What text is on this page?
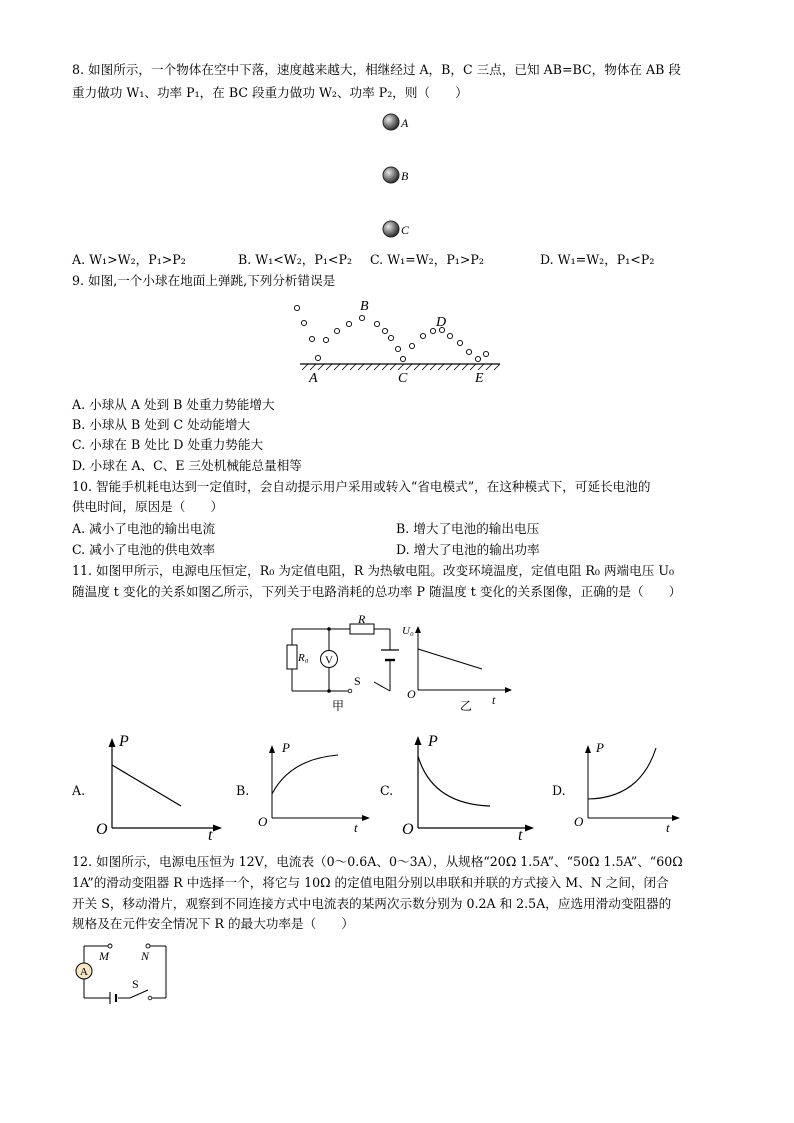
8. 如图所示，一个物体在空中下落，速度越来越大，相继经过 A，B，C 三点，已知 AB=BC，物体在 AB 段
重力做功 W₁、功率 P₁，在 BC 段重力做功 W₂、功率 P₂，则（　　）
A
B
C
A. W₁>W₂，P₁>P₂	B. W₁<W₂，P₁<P₂ C. W₁=W₂，P₁>P₂	D. W₁=W₂，P₁<P₂
9. 如图,一个小球在地面上弹跳,下列分析错误是
B
D
A	C	E
A. 小球从 A 处到 B 处重力势能增大
B. 小球从 B 处到 C 处动能增大
C. 小球在 B 处比 D 处重力势能大
D. 小球在 A、C、E 三处机械能总量相等
10. 智能手机耗电达到一定值时，会自动提示用户采用或转入“省电模式”，在这种模式下，可延长电池的
供电时间，原因是（　　）
A. 减小了电池的输出电流	B. 增大了电池的输出电压
C. 减小了电池的供电效率	D. 增大了电池的输出功率
11. 如图甲所示，电源电压恒定，R₀ 为定值电阻，R 为热敏电阻。改变环境温度，定值电阻 R₀ 两端电压 U₀
随温度 t 变化的关系如图乙所示，下列关于电路消耗的总功率 P 随温度 t 变化的关系图像，正确的是（　　）
V
R
R₀
S
甲
U₀
O	t
乙
A.
P
O	t
B.
P
O	t
C.
P
O	t
D.
P
O	t
12. 如图所示，电源电压恒为 12V，电流表（0～0.6A、0～3A），从规格“20Ω 1.5A”、“50Ω 1.5A”、“60Ω
1A”的滑动变阻器 R 中选择一个，将它与 10Ω 的定值电阻分别以串联和并联的方式接入 M、N 之间，闭合
开关 S，移动滑片，观察到不同连接方式中电流表的某两次示数分别为 0.2A 和 2.5A，应选用滑动变阻器的
规格及在元件安全情况下 R 的最大功率是（　　）
A
M	N
S
